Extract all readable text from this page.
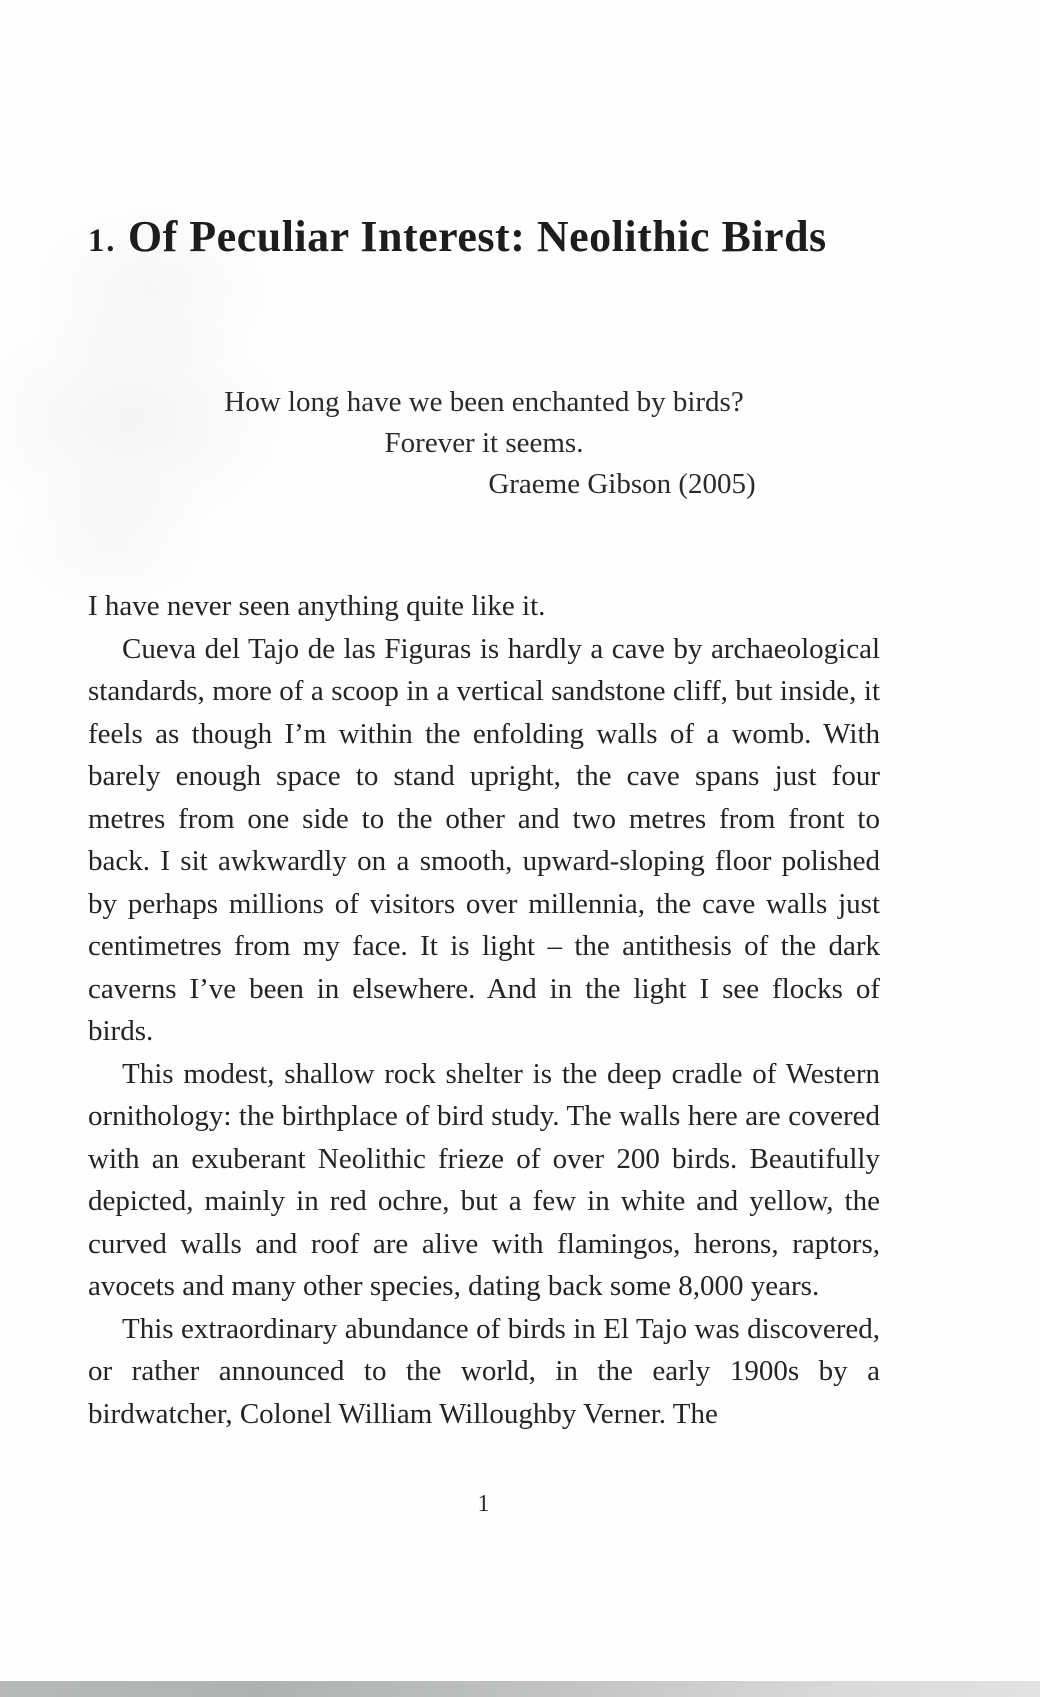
1. Of Peculiar Interest: Neolithic Birds
How long have we been enchanted by birds?
Forever it seems.
Graeme Gibson (2005)

I have never seen anything quite like it.

Cueva del Tajo de las Figuras is hardly a cave by archaeological standards, more of a scoop in a vertical sandstone cliff, but inside, it feels as though I’m within the enfolding walls of a womb. With barely enough space to stand upright, the cave spans just four metres from one side to the other and two metres from front to back. I sit awkwardly on a smooth, upward-sloping floor polished by perhaps millions of visitors over millennia, the cave walls just centimetres from my face. It is light – the antithesis of the dark caverns I’ve been in elsewhere. And in the light I see flocks of birds.

This modest, shallow rock shelter is the deep cradle of Western ornithology: the birthplace of bird study. The walls here are covered with an exuberant Neolithic frieze of over 200 birds. Beautifully depicted, mainly in red ochre, but a few in white and yellow, the curved walls and roof are alive with flamingos, herons, raptors, avocets and many other species, dating back some 8,000 years.

This extraordinary abundance of birds in El Tajo was discovered, or rather announced to the world, in the early 1900s by a birdwatcher, Colonel William Willoughby Verner. The

1
